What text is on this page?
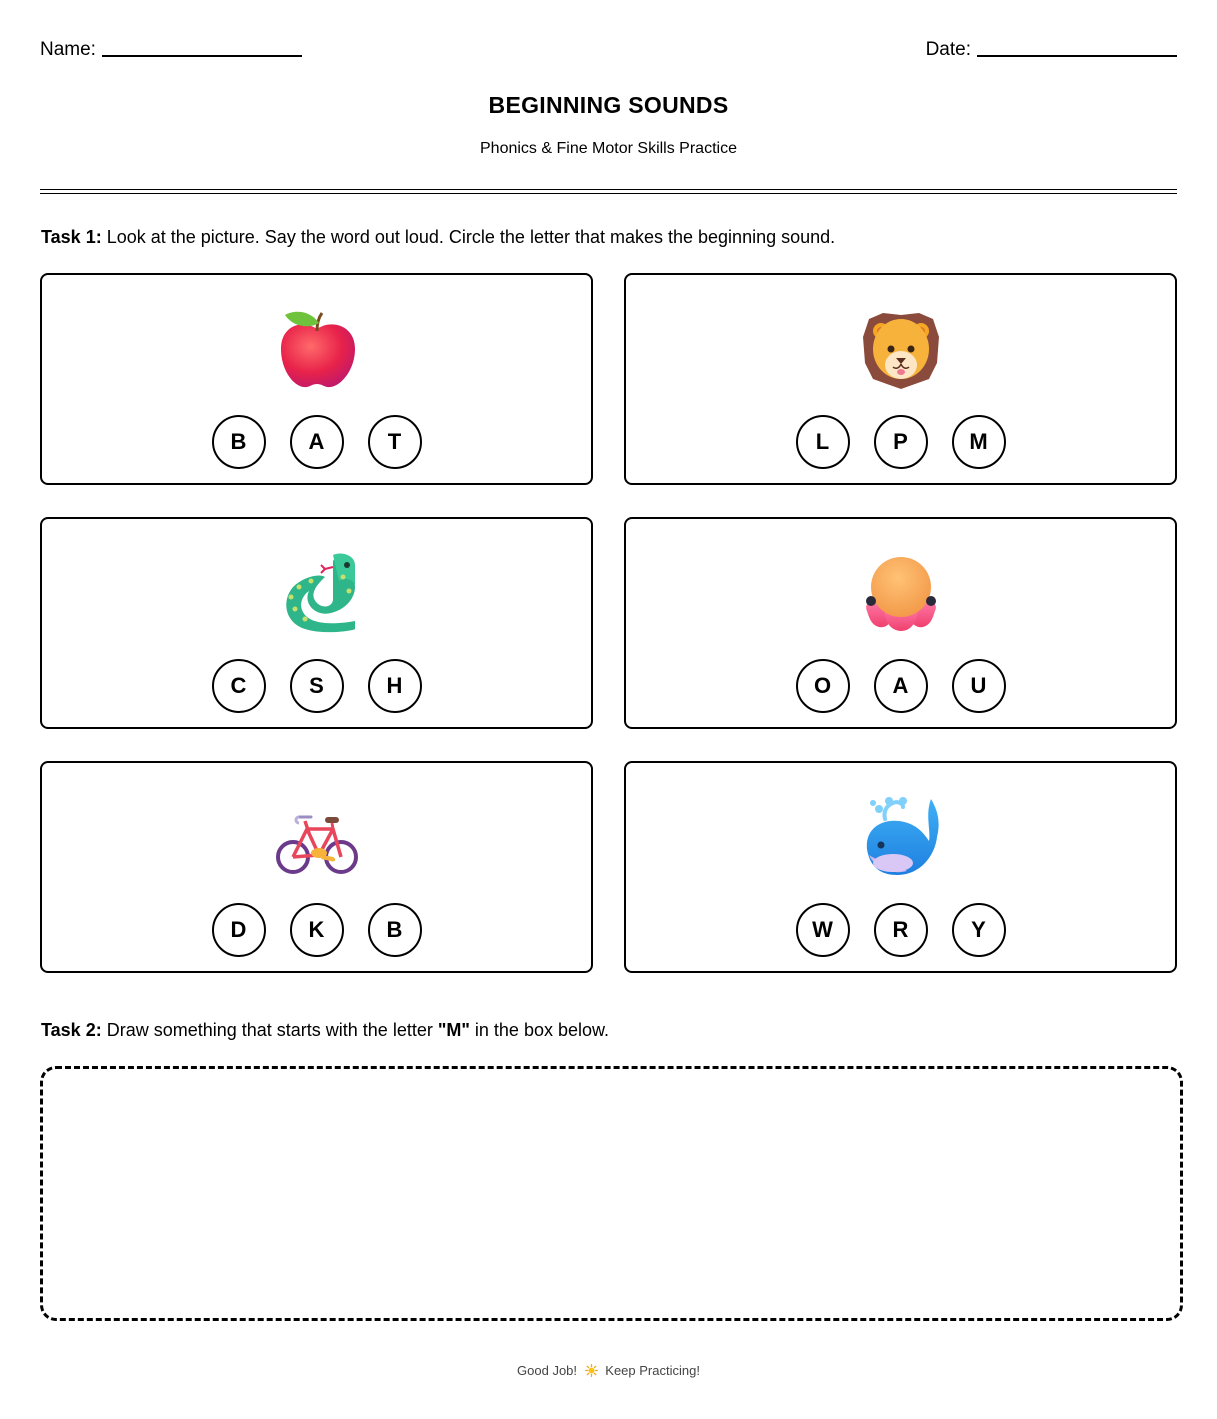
Name:	Date:
BEGINNING SOUNDS
Phonics & Fine Motor Skills Practice
Task 1: Look at the picture. Say the word out loud. Circle the letter that makes the beginning sound.
B	A	T	L	P	M
C	S	H	O	A	U
D	K	B	W	R	Y
Task 2: Draw something that starts with the letter "M" in the box below.
Good Job! Keep Practicing!
